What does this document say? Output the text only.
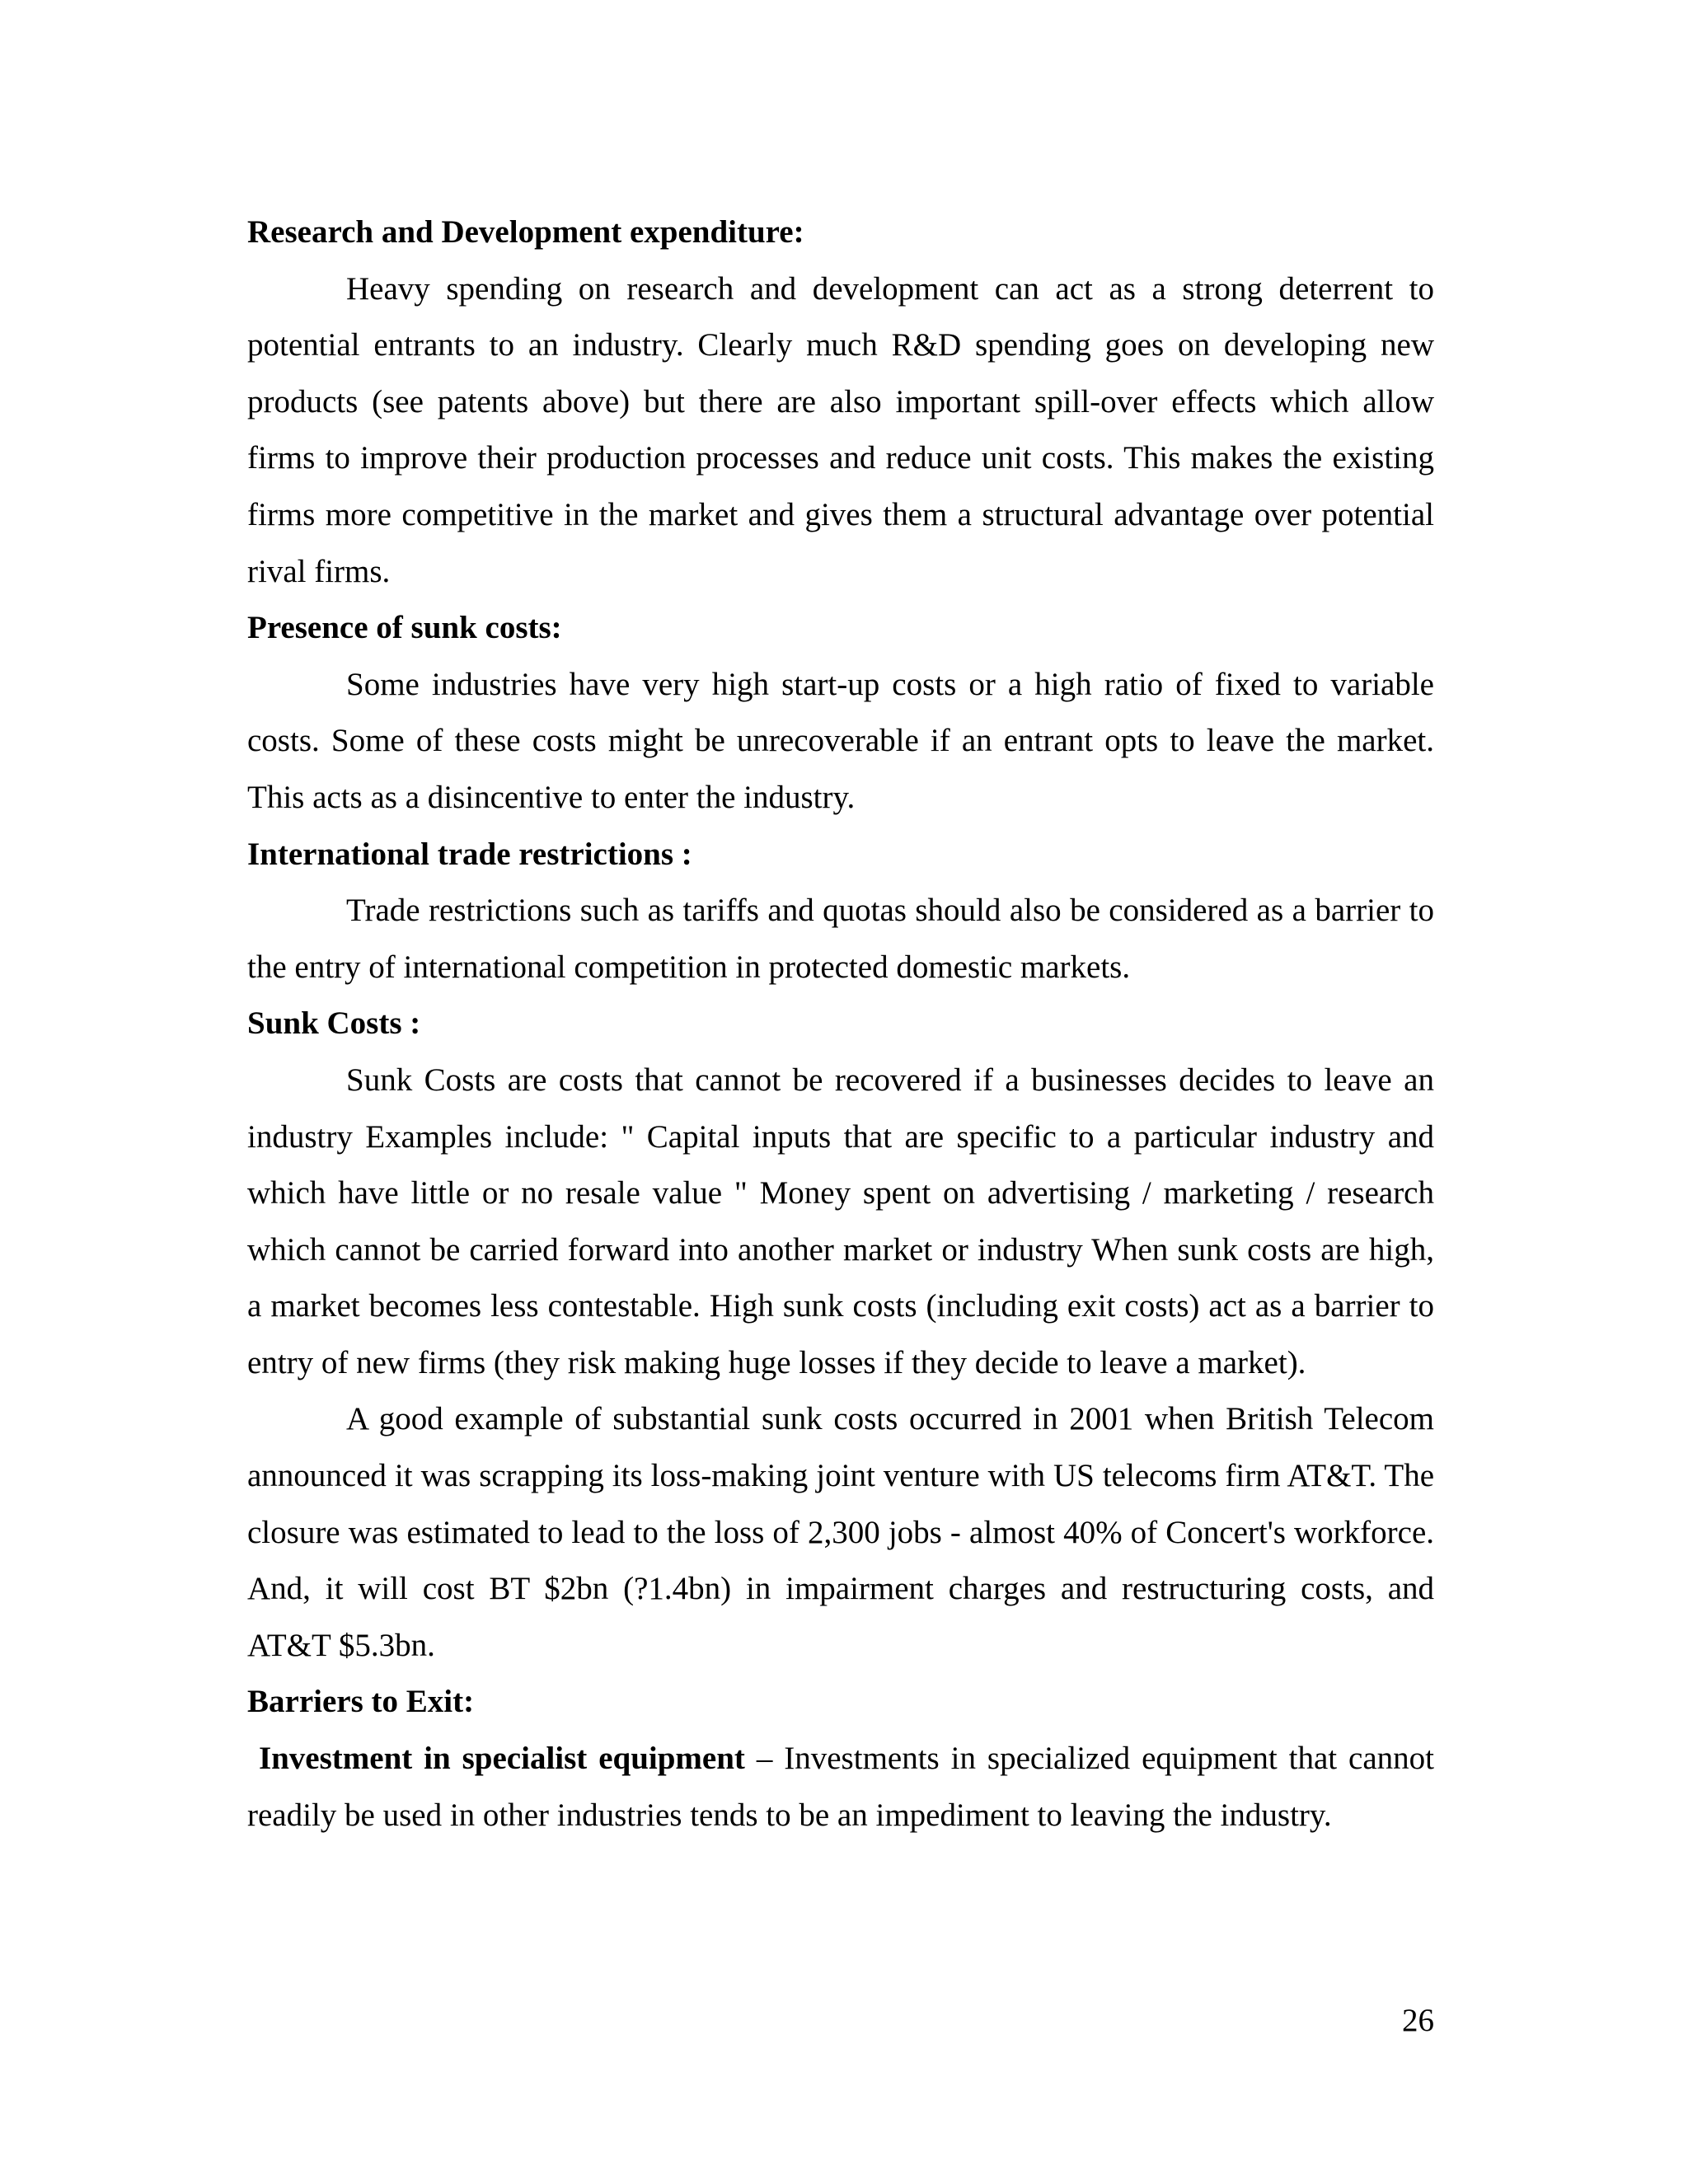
Research and Development expenditure:

Heavy spending on research and development can act as a strong deterrent to potential entrants to an industry. Clearly much R&D spending goes on developing new products (see patents above) but there are also important spill-over effects which allow firms to improve their production processes and reduce unit costs. This makes the existing firms more competitive in the market and gives them a structural advantage over potential rival firms.

Presence of sunk costs:

Some industries have very high start-up costs or a high ratio of fixed to variable costs. Some of these costs might be unrecoverable if an entrant opts to leave the market. This acts as a disincentive to enter the industry.

International trade restrictions :

Trade restrictions such as tariffs and quotas should also be considered as a barrier to the entry of international competition in protected domestic markets.

Sunk Costs :

Sunk Costs are costs that cannot be recovered if a businesses decides to leave an industry Examples include: " Capital inputs that are specific to a particular industry and which have little or no resale value " Money spent on advertising / marketing / research which cannot be carried forward into another market or industry When sunk costs are high, a market becomes less contestable. High sunk costs (including exit costs) act as a barrier to entry of new firms (they risk making huge losses if they decide to leave a market).

A good example of substantial sunk costs occurred in 2001 when British Telecom announced it was scrapping its loss-making joint venture with US telecoms firm AT&T. The closure was estimated to lead to the loss of 2,300 jobs - almost 40% of Concert's workforce. And, it will cost BT $2bn (?1.4bn) in impairment charges and restructuring costs, and AT&T $5.3bn.

Barriers to Exit:

Investment in specialist equipment – Investments in specialized equipment that cannot readily be used in other industries tends to be an impediment to leaving the industry.

26
